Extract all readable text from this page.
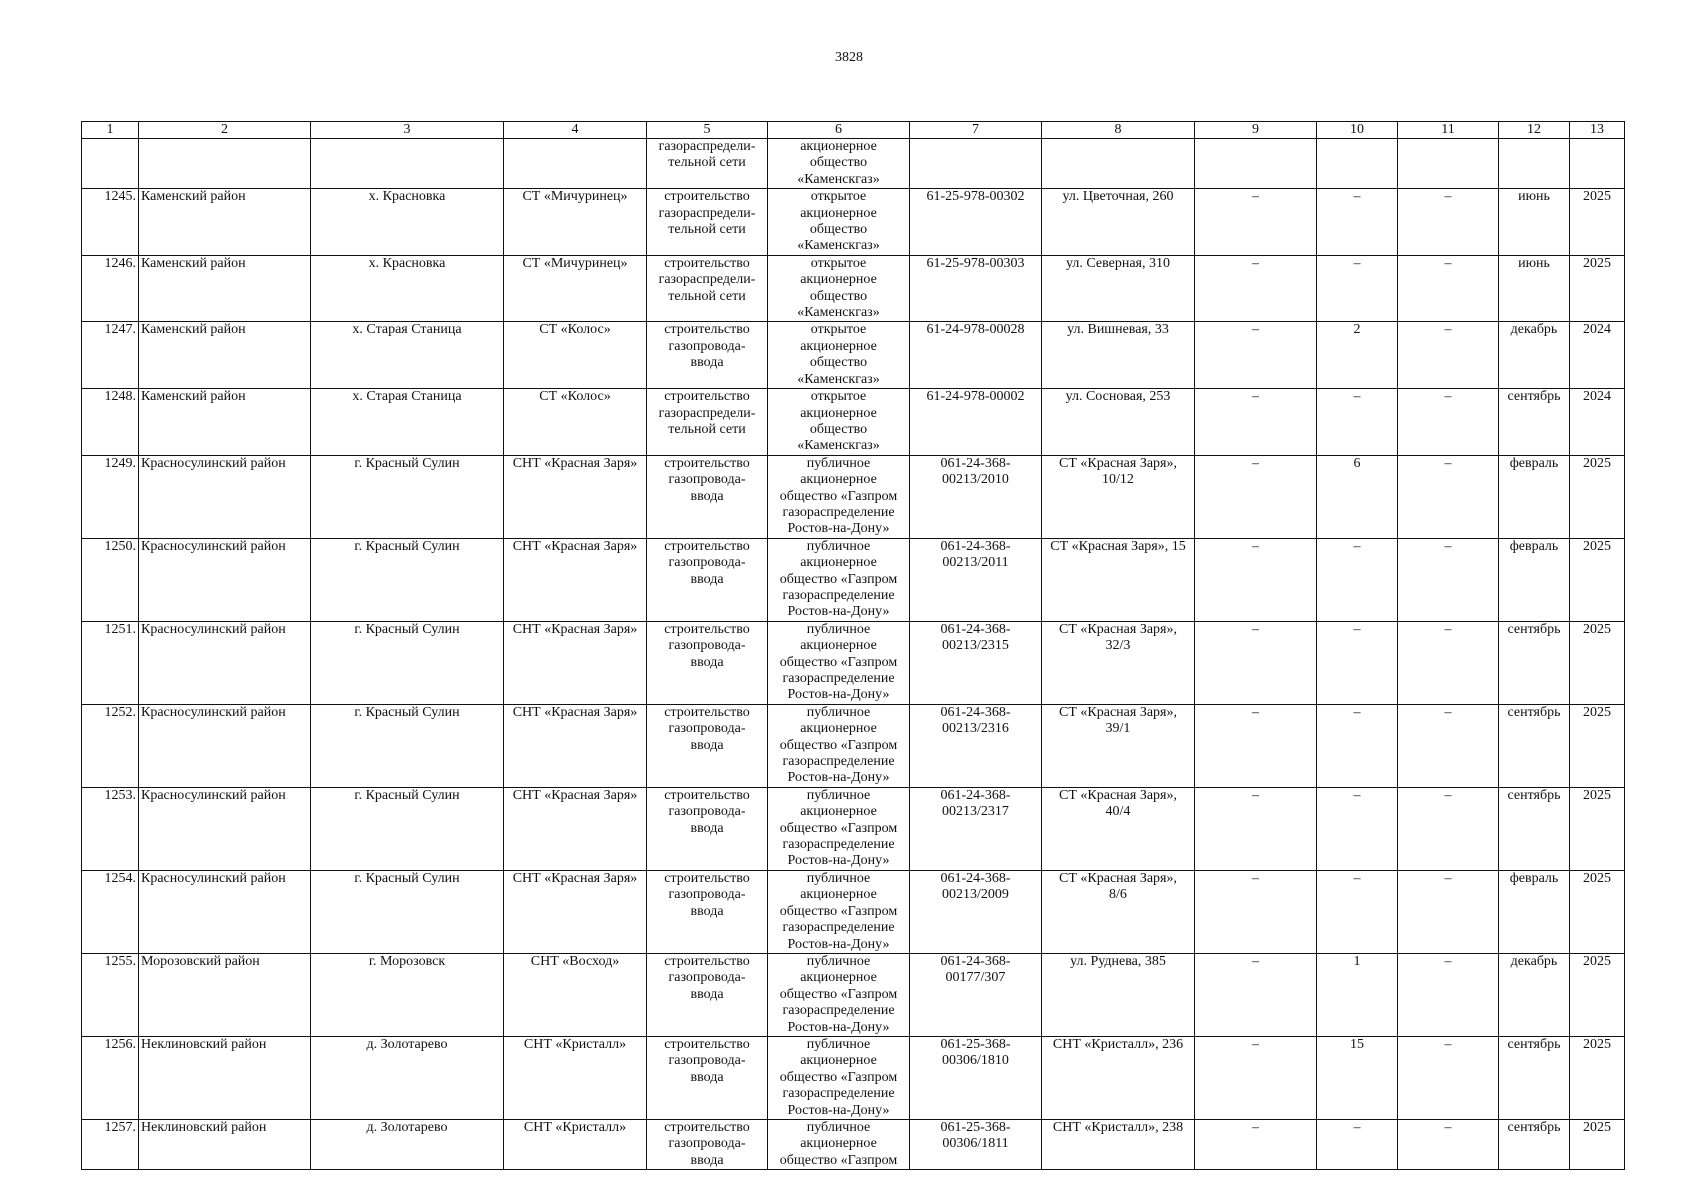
3828
1	2	3	4	5	6	7	8	9	10	11	12	13
				газораспредели-
тельной сети	акционерное
общество
«Каменскгаз»							
1245.	Каменский район	х. Красновка	СТ «Мичуринец»	строительство
газораспредели-
тельной сети	открытое
акционерное
общество
«Каменскгаз»	61-25-978-00302	ул. Цветочная, 260	–	–	–	июнь	2025
1246.	Каменский район	х. Красновка	СТ «Мичуринец»	строительство
газораспредели-
тельной сети	открытое
акционерное
общество
«Каменскгаз»	61-25-978-00303	ул. Северная, 310	–	–	–	июнь	2025
1247.	Каменский район	х. Старая Станица	СТ «Колос»	строительство
газопровода-
ввода	открытое
акционерное
общество
«Каменскгаз»	61-24-978-00028	ул. Вишневая, 33	–	2	–	декабрь	2024
1248.	Каменский район	х. Старая Станица	СТ «Колос»	строительство
газораспредели-
тельной сети	открытое
акционерное
общество
«Каменскгаз»	61-24-978-00002	ул. Сосновая, 253	–	–	–	сентябрь	2024
1249.	Красносулинский район	г. Красный Сулин	СНТ «Красная Заря»	строительство
газопровода-
ввода	публичное
акционерное
общество «Газпром
газораспределение
Ростов-на-Дону»	061-24-368-
00213/2010	СТ «Красная Заря»,
10/12	–	6	–	февраль	2025
1250.	Красносулинский район	г. Красный Сулин	СНТ «Красная Заря»	строительство
газопровода-
ввода	публичное
акционерное
общество «Газпром
газораспределение
Ростов-на-Дону»	061-24-368-
00213/2011	СТ «Красная Заря», 15	–	–	–	февраль	2025
1251.	Красносулинский район	г. Красный Сулин	СНТ «Красная Заря»	строительство
газопровода-
ввода	публичное
акционерное
общество «Газпром
газораспределение
Ростов-на-Дону»	061-24-368-
00213/2315	СТ «Красная Заря»,
32/3	–	–	–	сентябрь	2025
1252.	Красносулинский район	г. Красный Сулин	СНТ «Красная Заря»	строительство
газопровода-
ввода	публичное
акционерное
общество «Газпром
газораспределение
Ростов-на-Дону»	061-24-368-
00213/2316	СТ «Красная Заря»,
39/1	–	–	–	сентябрь	2025
1253.	Красносулинский район	г. Красный Сулин	СНТ «Красная Заря»	строительство
газопровода-
ввода	публичное
акционерное
общество «Газпром
газораспределение
Ростов-на-Дону»	061-24-368-
00213/2317	СТ «Красная Заря»,
40/4	–	–	–	сентябрь	2025
1254.	Красносулинский район	г. Красный Сулин	СНТ «Красная Заря»	строительство
газопровода-
ввода	публичное
акционерное
общество «Газпром
газораспределение
Ростов-на-Дону»	061-24-368-
00213/2009	СТ «Красная Заря»,
8/6	–	–	–	февраль	2025
1255.	Морозовский район	г. Морозовск	СНТ «Восход»	строительство
газопровода-
ввода	публичное
акционерное
общество «Газпром
газораспределение
Ростов-на-Дону»	061-24-368-
00177/307	ул. Руднева, 385	–	1	–	декабрь	2025
1256.	Неклиновский район	д. Золотарево	СНТ «Кристалл»	строительство
газопровода-
ввода	публичное
акционерное
общество «Газпром
газораспределение
Ростов-на-Дону»	061-25-368-
00306/1810	СНТ «Кристалл», 236	–	15	–	сентябрь	2025
1257.	Неклиновский район	д. Золотарево	СНТ «Кристалл»	строительство
газопровода-
ввода	публичное
акционерное
общество «Газпром	061-25-368-
00306/1811	СНТ «Кристалл», 238	–	–	–	сентябрь	2025
